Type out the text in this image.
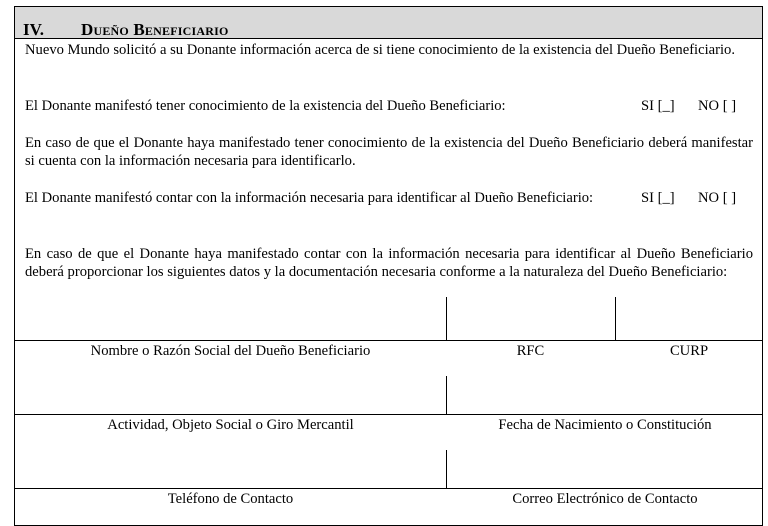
IV. Dueño Beneficiario

Nuevo Mundo solicitó a su Donante información acerca de si tiene conocimiento de la existencia del Dueño Beneficiario.

El Donante manifestó tener conocimiento de la existencia del Dueño Beneficiario:	SI [_] NO [ ]

En caso de que el Donante haya manifestado tener conocimiento de la existencia del Dueño Beneficiario deberá manifestar si cuenta con la información necesaria para identificarlo.

El Donante manifestó contar con la información necesaria para identificar al Dueño Beneficiario:	SI [_] NO [ ]

En caso de que el Donante haya manifestado contar con la información necesaria para identificar al Dueño Beneficiario deberá proporcionar los siguientes datos y la documentación necesaria conforme a la naturaleza del Dueño Beneficiario:

Nombre o Razón Social del Dueño Beneficiario	RFC	CURP
Actividad, Objeto Social o Giro Mercantil	Fecha de Nacimiento o Constitución
Teléfono de Contacto	Correo Electrónico de Contacto
